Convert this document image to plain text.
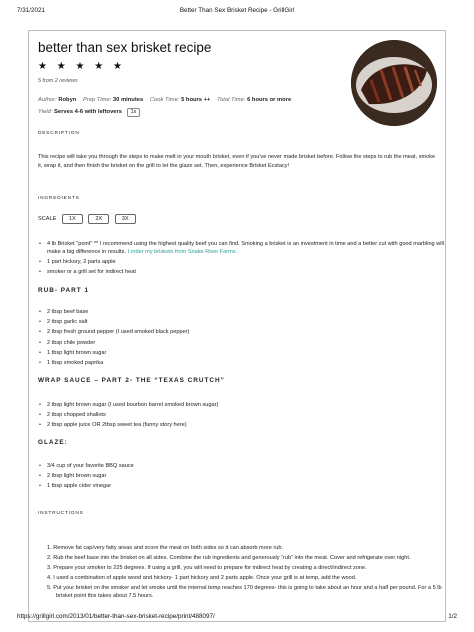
7/31/2021	Better Than Sex Brisket Recipe - GrillGirl
better than sex brisket recipe
★ ★ ★ ★ ★
5 from 2 reviews
Author: Robyn Prep Time: 30 minutes Cook Time: 5 hours ++ Total Time: 6 hours or more
Yield: Serves 4-6 with leftovers 1x
DESCRIPTION
This recipe will take you through the steps to make melt in your mouth brisket, even if you've never made brisket before. Follow the steps to rub the meat, smoke it, wrap it, and then finish the brisket on the grill to let the glaze set. Then, experience Brisket Ecstacy!
INGREDIENTS
SCALE 1X	2X	3X
• 4 lb Brisket "point" ** I recommend using the highest quality beef you can find. Smoking a brisket is an investment in time and a better cut with good marbling will make a big difference in results. I order my briskets from Snake River Farms.
• 1 part hickory, 2 parts apple
• smoker or a grill set for indirect heat
RUB- PART 1
• 2 tbsp beef base
• 2 tbsp garlic salt
• 2 tbsp fresh ground pepper (I used smoked black pepper)
• 2 tbsp chile powder
• 1 tbsp light brown sugar
• 1 tbsp smoked paprika
WRAP SAUCE – PART 2- THE “TEXAS CRUTCH”
• 2 tbsp light brown sugar (I used bourbon barrel smoked brown sugar)
• 2 tbsp chopped shallots
• 2 tbsp apple juice OR 2tbsp sweet tea (funny story here)
GLAZE:
• 3/4 cup of your favorite BBQ sauce
• 2 tbsp light brown sugar
• 1 tbsp apple cider vinegar
INSTRUCTIONS
1. Remove fat cap/very fatty areas and score the meat on both sides so it can absorb more rub.
2. Rub the beef base into the brisket on all sides. Combine the rub ingredients and generously “rub” into the meat. Cover and refrigerate over night.
3. Prepare your smoker to 225 degrees. If using a grill, you will need to prepare for indirect heat by creating a direct/indirect zone.
4. I used a combination of apple wood and hickory- 1 part hickory and 2 parts apple. Once your grill is at temp, add the wood.
5. Put your brisket on the smoker and let smoke until the internal temp reaches 170 degrees- this is going to take about an hour and a half per pound. For a 5 lb brisket point this takes about 7.5 hours.
https://grillgirl.com/2013/01/better-than-sex-brisket-recipe/print/488097/	1/2
